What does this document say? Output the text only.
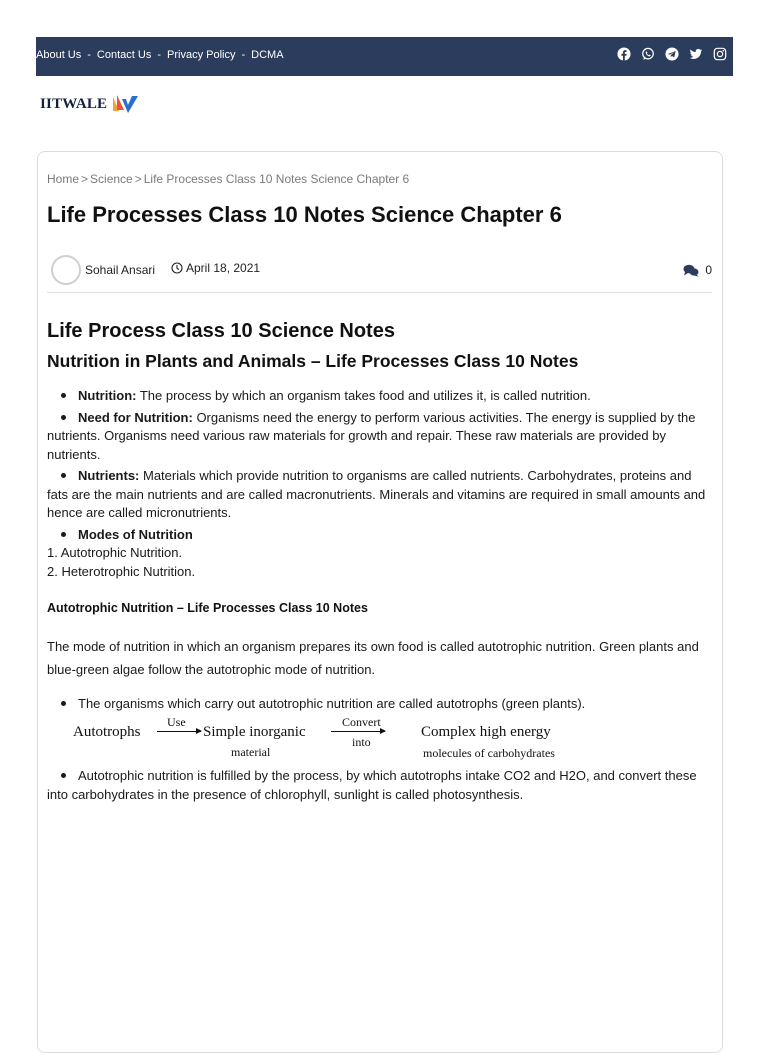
About Us - Contact Us - Privacy Policy - DCMA
IITWALE
Home > Science > Life Processes Class 10 Notes Science Chapter 6
Life Processes Class 10 Notes Science Chapter 6
Sohail Ansari	April 18, 2021	0
Life Process Class 10 Science Notes
Nutrition in Plants and Animals – Life Processes Class 10 Notes

Nutrition: The process by which an organism takes food and utilizes it, is called nutrition.

Need for Nutrition: Organisms need the energy to perform various activities. The energy is supplied by the nutrients. Organisms need various raw materials for growth and repair. These raw materials are provided by nutrients.

Nutrients: Materials which provide nutrition to organisms are called nutrients. Carbohydrates, proteins and fats are the main nutrients and are called macronutrients. Minerals and vitamins are required in small amounts and hence are called micronutrients.

Modes of Nutrition

1. Autotrophic Nutrition.

2. Heterotrophic Nutrition.

Autotrophic Nutrition – Life Processes Class 10 Notes

The mode of nutrition in which an organism prepares its own food is called autotrophic nutrition. Green plants and blue-green algae follow the autotrophic mode of nutrition.

The organisms which carry out autotrophic nutrition are called autotrophs (green plants).

Autotrophs
Use
Simple inorganic
material
Convert
into
Complex high energy
molecules of carbohydrates

Autotrophic nutrition is fulfilled by the process, by which autotrophs intake CO2 and H2O, and convert these into carbohydrates in the presence of chlorophyll, sunlight is called photosynthesis.
